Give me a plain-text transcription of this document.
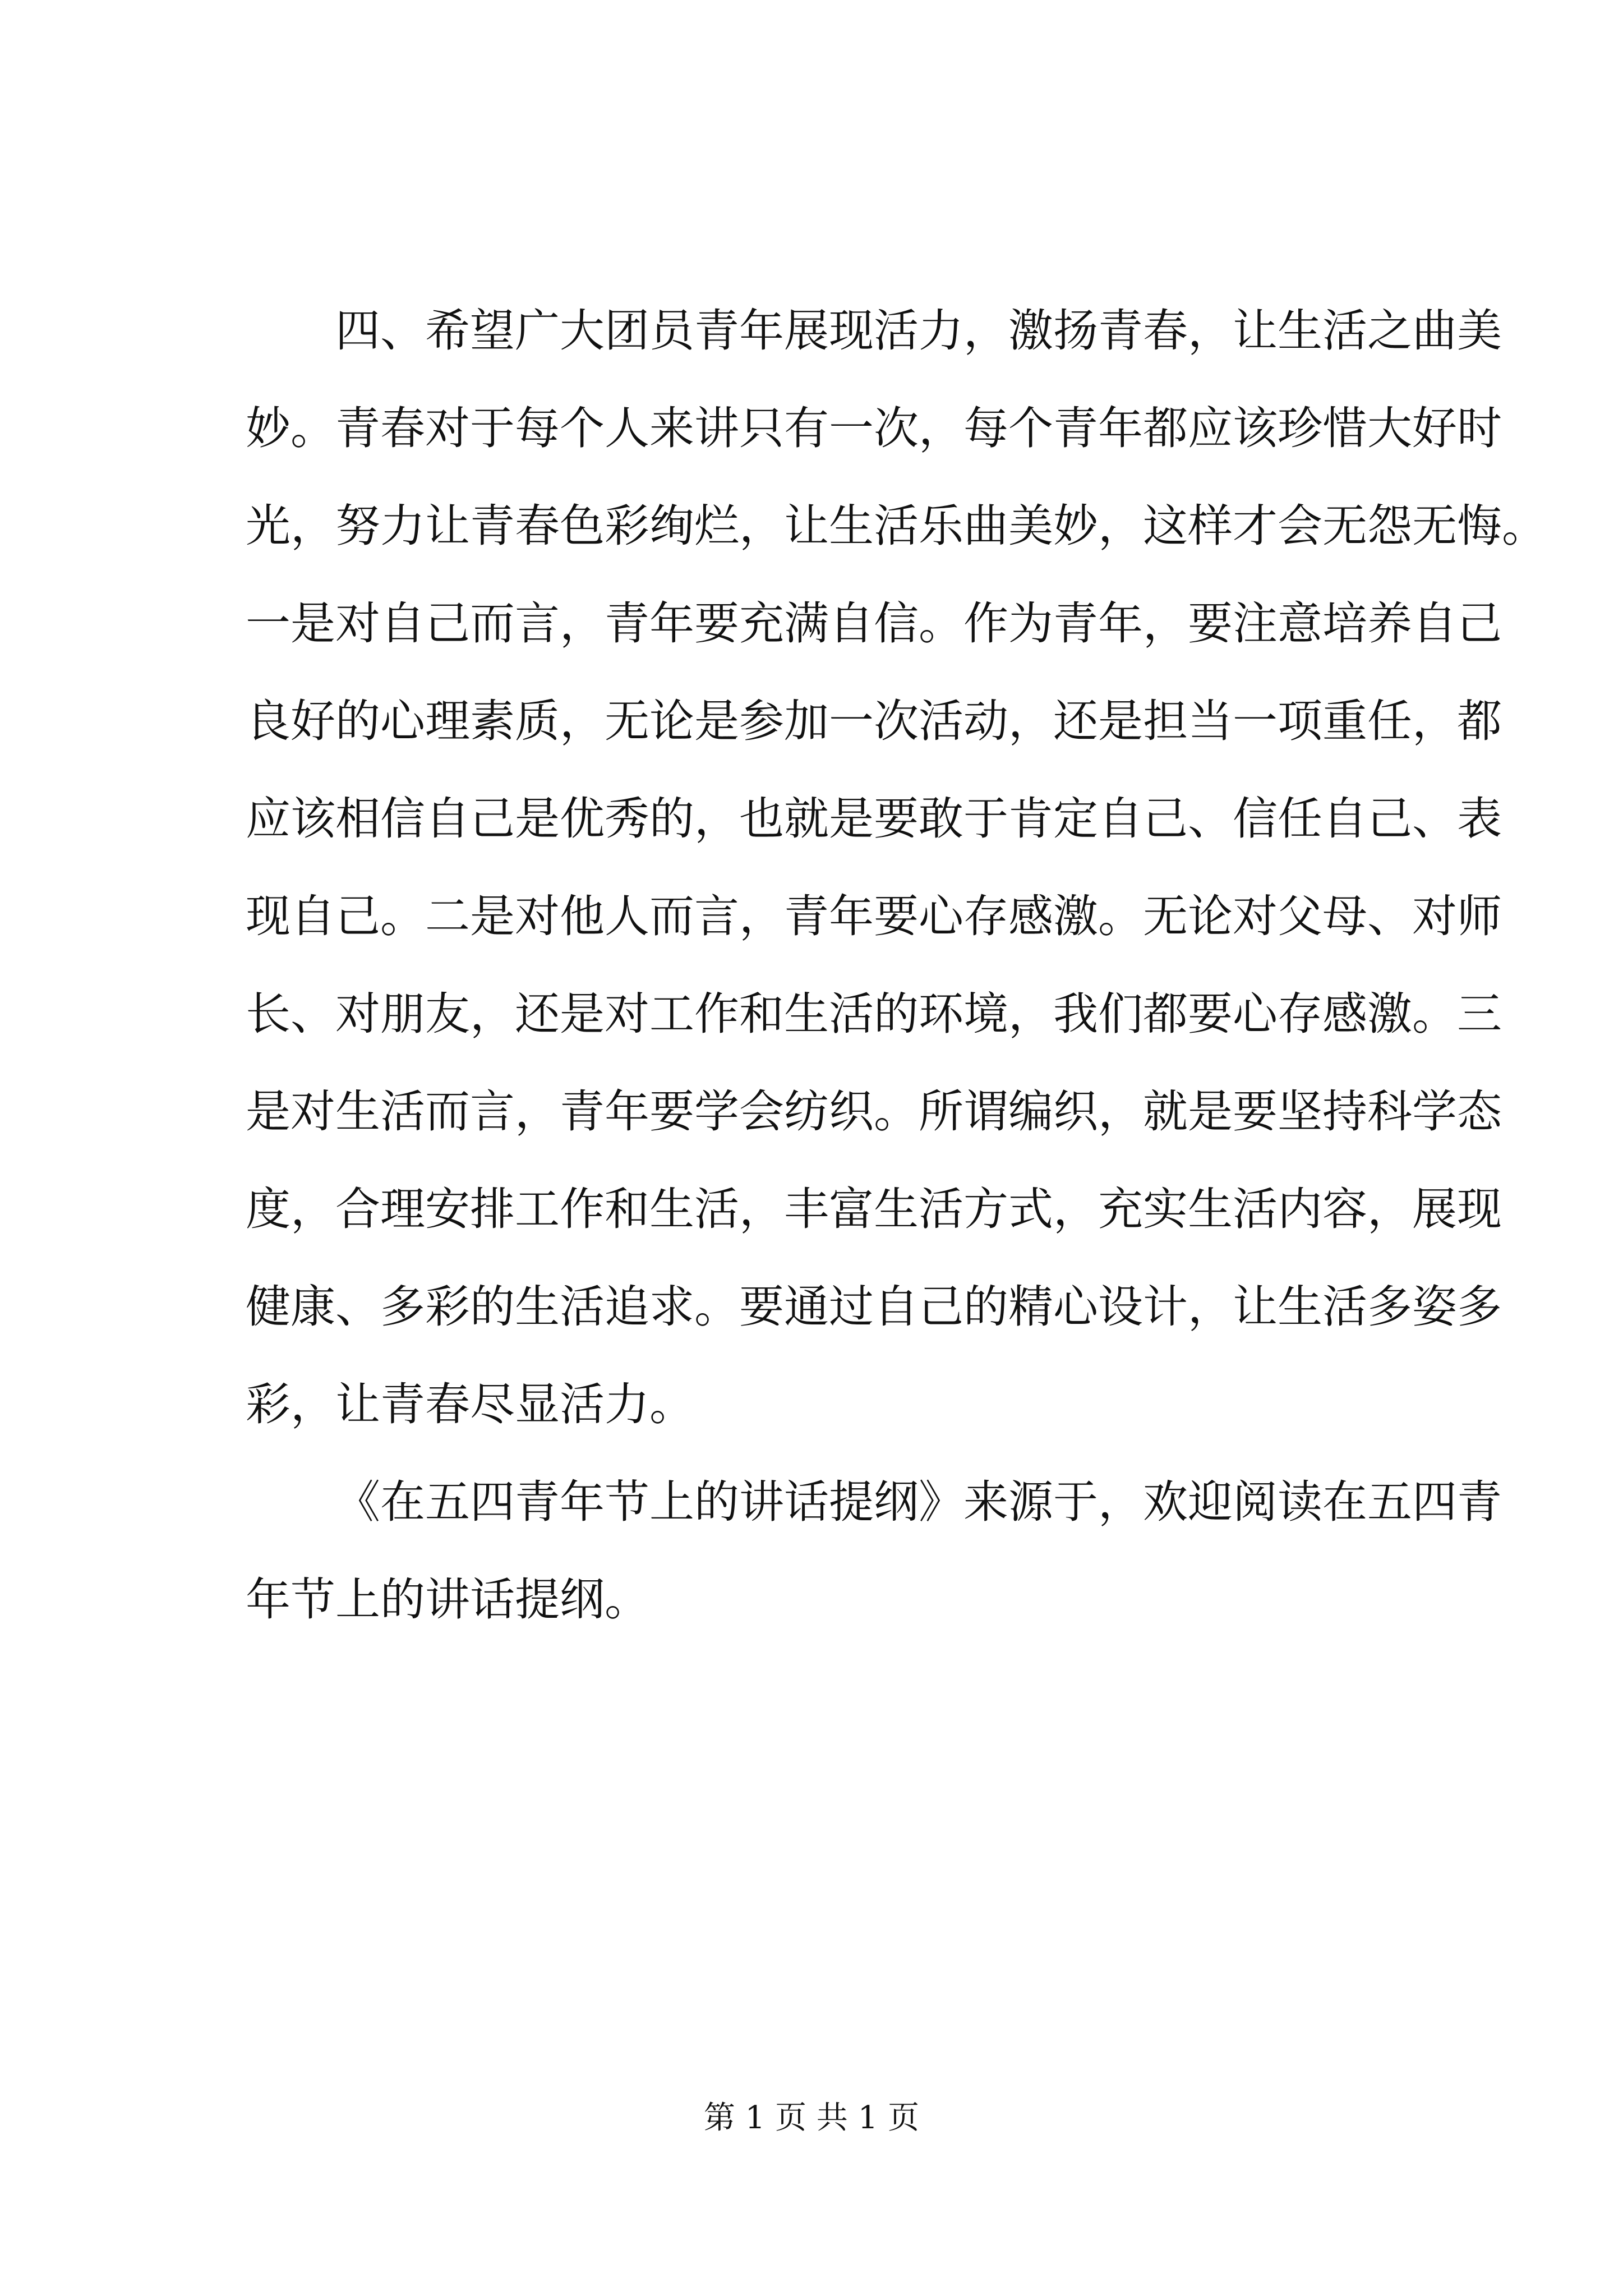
四、希望广大团员青年展现活力，激扬青春，让生活之曲美
妙。青春对于每个人来讲只有一次，每个青年都应该珍惜大好时
光，努力让青春色彩绚烂，让生活乐曲美妙，这样才会无怨无悔。
一是对自己而言，青年要充满自信。作为青年，要注意培养自己
良好的心理素质，无论是参加一次活动，还是担当一项重任，都
应该相信自己是优秀的，也就是要敢于肯定自己、信任自己、表
现自己。二是对他人而言，青年要心存感激。无论对父母、对师
长、对朋友，还是对工作和生活的环境，我们都要心存感激。三
是对生活而言，青年要学会纺织。所谓编织，就是要坚持科学态
度，合理安排工作和生活，丰富生活方式，充实生活内容，展现
健康、多彩的生活追求。要通过自己的精心设计，让生活多姿多
彩，让青春尽显活力。
《在五四青年节上的讲话提纲》来源于，欢迎阅读在五四青
年节上的讲话提纲。
第 1 页 共 1 页
